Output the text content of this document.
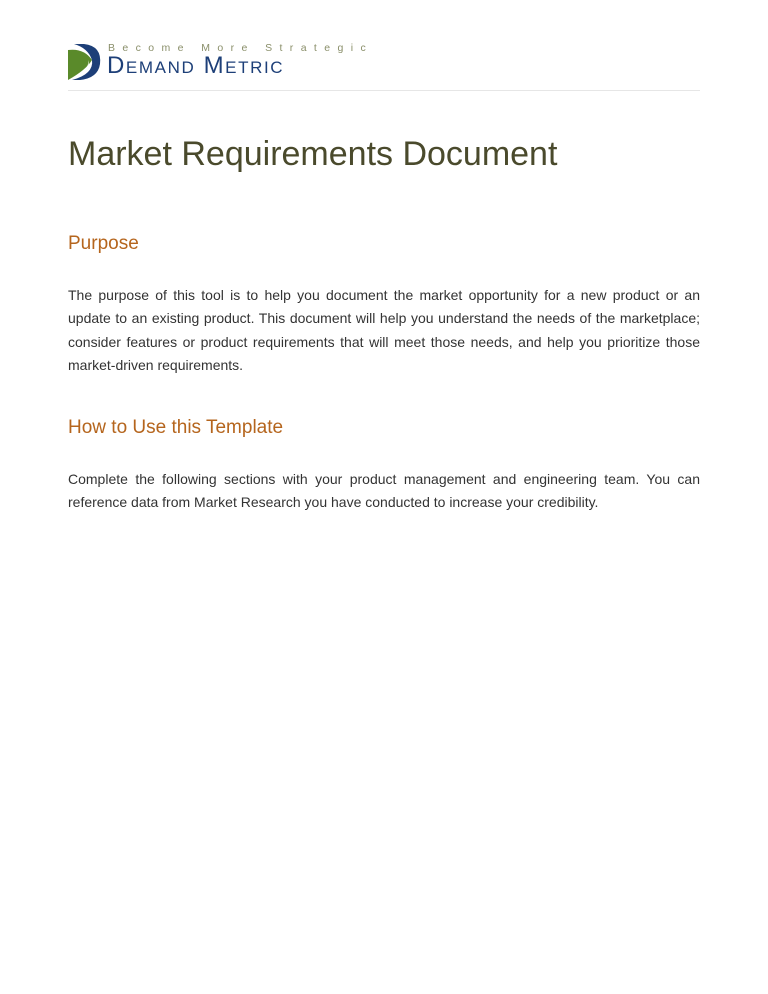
Become More Strategic
Demand Metric
Market Requirements Document
Purpose

The purpose of this tool is to help you document the market opportunity for a new product or an update to an existing product. This document will help you understand the needs of the marketplace; consider features or product requirements that will meet those needs, and help you prioritize those market-driven requirements.

How to Use this Template

Complete the following sections with your product management and engineering team. You can reference data from Market Research you have conducted to increase your credibility.
